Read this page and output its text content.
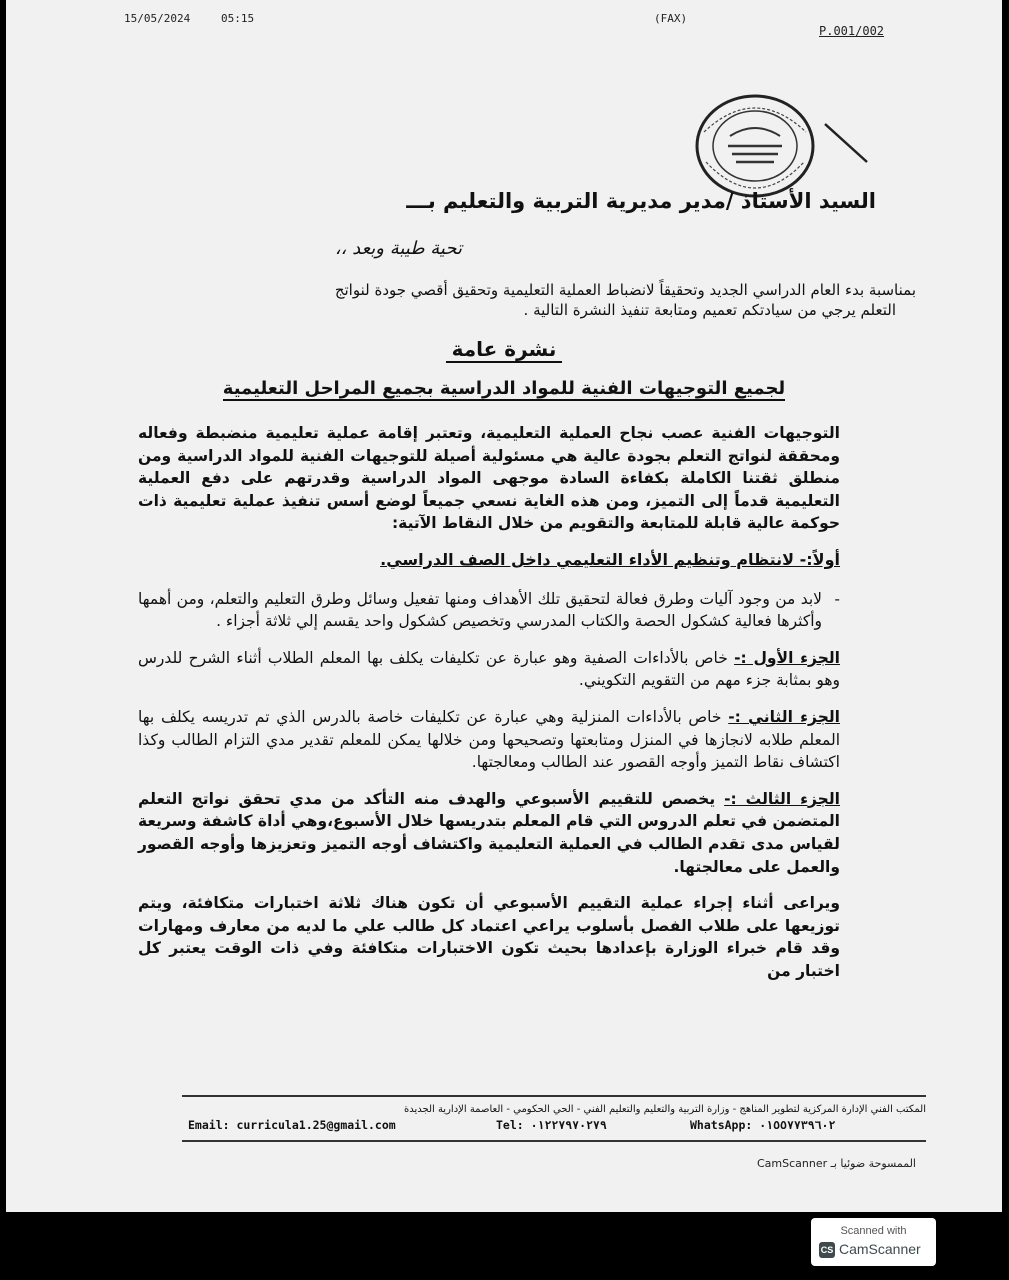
15/05/2024	05:15	(FAX)
P.001/002
السيد الأستاذ /مدير مديرية التربية والتعليم بـــ
تحية طيبة وبعد ،،

بمناسبة بدء العام الدراسي الجديد وتحقيقاً لانضباط العملية التعليمية وتحقيق أقصي جودة لنواتج

التعلم يرجي من سيادتكم تعميم ومتابعة تنفيذ النشرة التالية .

نشرة عامة
لجميع التوجيهات الفنية للمواد الدراسية بجميع المراحل التعليمية

التوجيهات الفنية عصب نجاح العملية التعليمية، وتعتبر إقامة عملية تعليمية منضبطة وفعاله ومحققة لنواتج التعلم بجودة عالية هي مسئولية أصيلة للتوجيهات الفنية للمواد الدراسية ومن منطلق ثقتنا الكاملة بكفاءة السادة موجهى المواد الدراسية وقدرتهم على دفع العملية التعليمية قدماً إلى التميز، ومن هذه الغاية نسعي جميعاً لوضع أسس تنفيذ عملية تعليمية ذات حوكمة عالية قابلة للمتابعة والتقويم من خلال النقاط الآتية:

أولاً:- لانتظام وتنظيم الأداء التعليمي داخل الصف الدراسي.

-
لابد من وجود آليات وطرق فعالة لتحقيق تلك الأهداف ومنها تفعيل وسائل وطرق التعليم والتعلم، ومن أهمها وأكثرها فعالية كشكول الحصة والكتاب المدرسي وتخصيص كشكول واحد يقسم إلي ثلاثة أجزاء .

الجزء الأول :- خاص بالأداءات الصفية وهو عبارة عن تكليفات يكلف بها المعلم الطلاب أثناء الشرح للدرس وهو بمثابة جزء مهم من التقويم التكويني.

الجزء الثاني :- خاص بالأداءات المنزلية وهي عبارة عن تكليفات خاصة بالدرس الذي تم تدريسه يكلف بها المعلم طلابه لانجازها في المنزل ومتابعتها وتصحيحها ومن خلالها يمكن للمعلم تقدير مدي التزام الطالب وكذا اكتشاف نقاط التميز وأوجه القصور عند الطالب ومعالجتها.

الجزء الثالث :- يخصص للتقييم الأسبوعي والهدف منه التأكد من مدي تحقق نواتج التعلم المتضمن في تعلم الدروس التي قام المعلم بتدريسها خلال الأسبوع،وهي أداة كاشفة وسريعة لقياس مدى تقدم الطالب في العملية التعليمية واكتشاف أوجه التميز وتعزيزها وأوجه القصور والعمل على معالجتها.

ويراعى أثناء إجراء عملية التقييم الأسبوعي أن تكون هناك ثلاثة اختبارات متكافئة، ويتم توزيعها على طلاب الفصل بأسلوب يراعي اعتماد كل طالب علي ما لديه من معارف ومهارات وقد قام خبراء الوزارة بإعدادها بحيث تكون الاختبارات متكافئة وفي ذات الوقت يعتبر كل اختبار من

المكتب الفني الإدارة المركزية لتطوير المناهج - وزارة التربية والتعليم والتعليم الفني - الحي الحكومي - العاصمة الإدارية الجديدة
Email: curricula1.25@gmail.com	Tel: ٠١٢٢٧٩٧٠٢٧٩	WhatsApp: ٠١٥٥٧٧٣٩٦٠٢
الممسوحة ضوئيا بـ CamScanner
Scanned with
CS CamScanner
